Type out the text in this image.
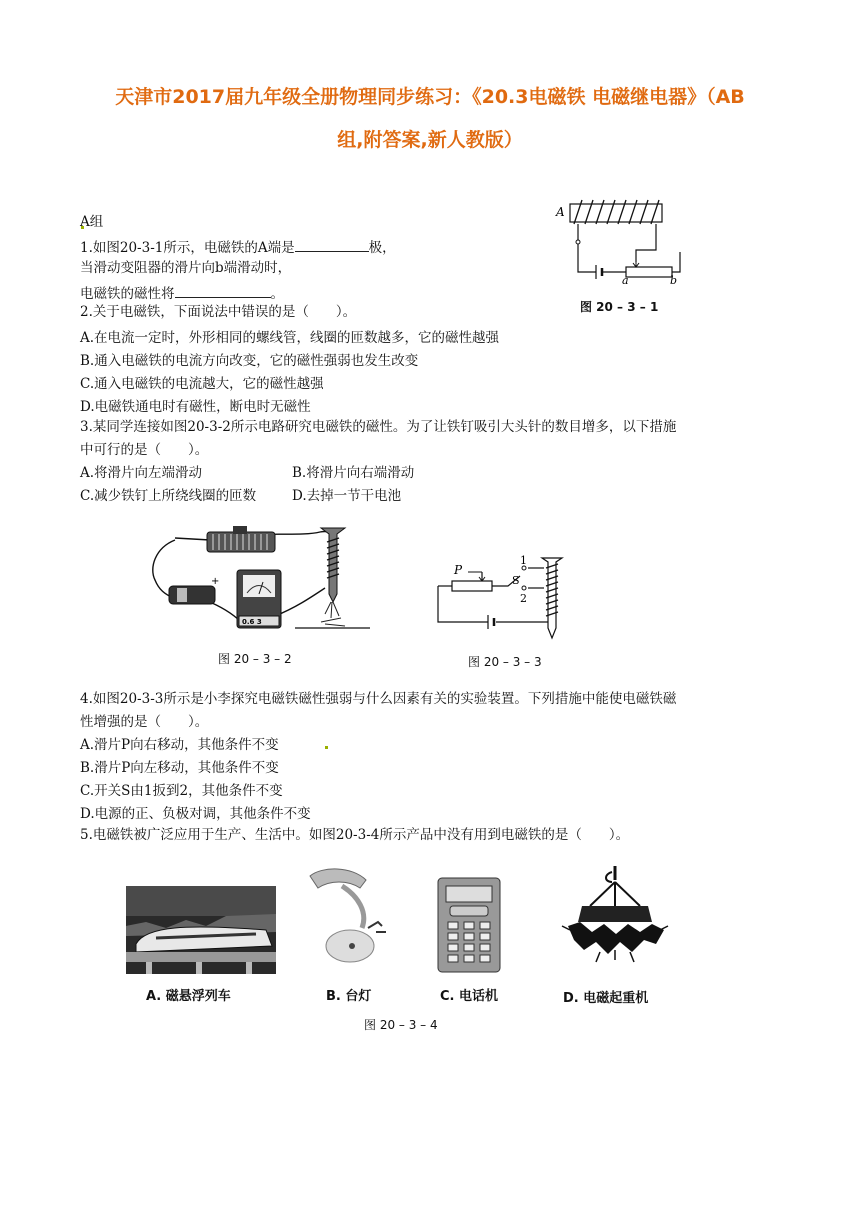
天津市2017届九年级全册物理同步练习：《20.3电磁铁 电磁继电器》（AB
组,附答案,新人教版）
A组
1.如图20-3-1所示，电磁铁的A端是	极，
当滑动变阻器的滑片向b端滑动时，
电磁铁的磁性将	。
2.关于电磁铁，下面说法中错误的是（　　）。
A.在电流一定时，外形相同的螺线管，线圈的匝数越多，它的磁性越强
B.通入电磁铁的电流方向改变，它的磁性强弱也发生改变
C.通入电磁铁的电流越大，它的磁性越强
D.电磁铁通电时有磁性，断电时无磁性
3.某同学连接如图20-3-2所示电路研究电磁铁的磁性。为了让铁钉吸引大头针的数目增多，以下措施
中可行的是（　　）。
A.将滑片向左端滑动	B.将滑片向右端滑动
C.减少铁钉上所绕线圈的匝数	D.去掉一节干电池
4.如图20-3-3所示是小李探究电磁铁磁性强弱与什么因素有关的实验装置。下列措施中能使电磁铁磁
性增强的是（　　）。
A.滑片P向右移动，其他条件不变
B.滑片P向左移动，其他条件不变
C.开关S由1扳到2，其他条件不变
D.电源的正、负极对调，其他条件不变
5.电磁铁被广泛应用于生产、生活中。如图20-3-4所示产品中没有用到电磁铁的是（　　）。
A
a	b
图 20 – 3 – 1
+
0.6 3
图 20 – 3 – 2
P
1
S
2
图 20 – 3 – 3
A. 磁悬浮列车	B. 台灯	C. 电话机	D. 电磁起重机
图 20 – 3 – 4
